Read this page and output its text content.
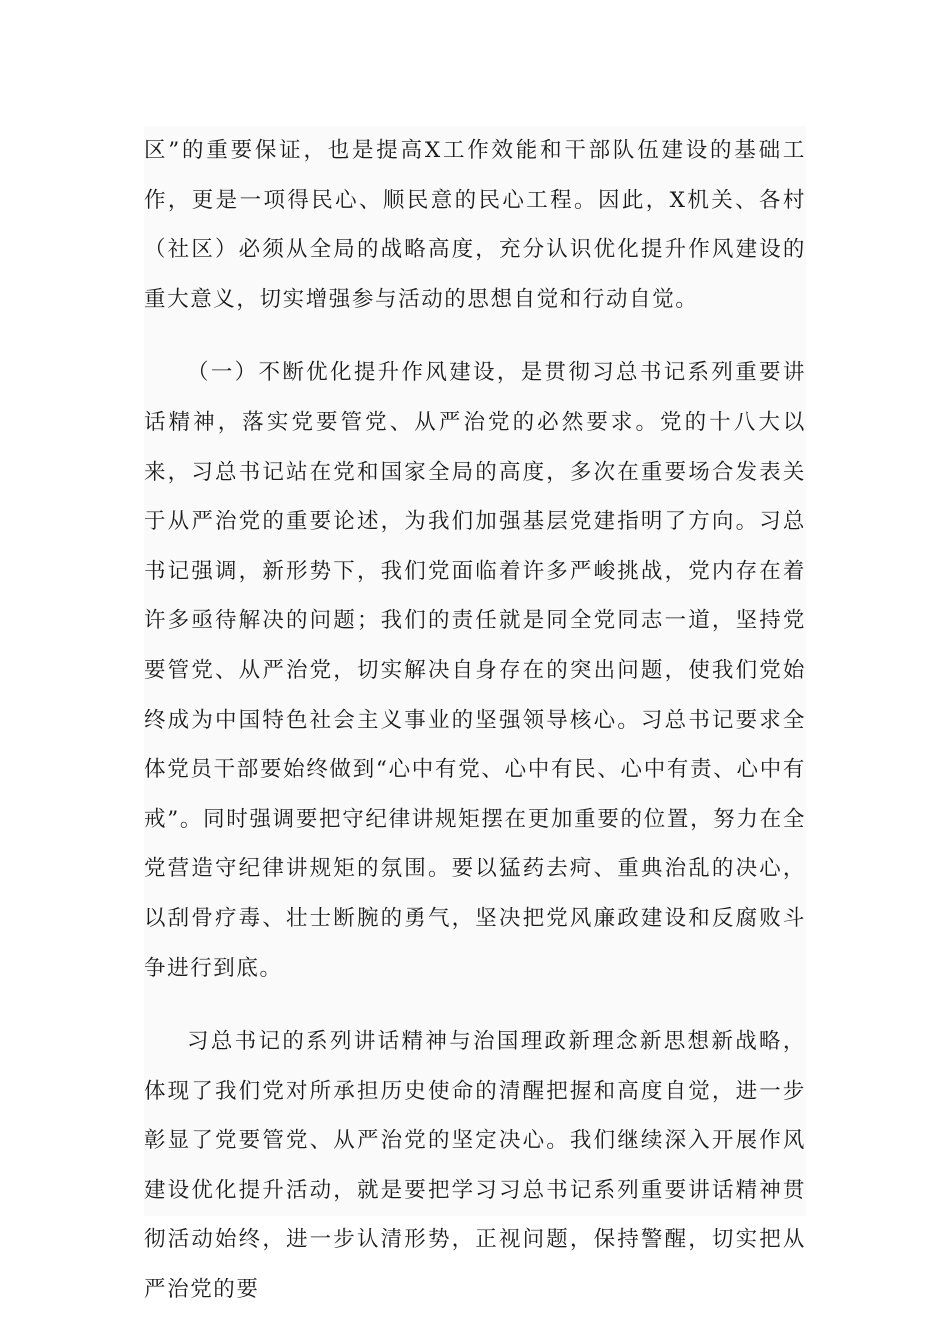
区”的重要保证，也是提高X工作效能和干部队伍建设的基础工作，更是一项得民心、顺民意的民心工程。因此，X机关、各村（社区）必须从全局的战略高度，充分认识优化提升作风建设的重大意义，切实增强参与活动的思想自觉和行动自觉。

（一）不断优化提升作风建设，是贯彻习总书记系列重要讲话精神，落实党要管党、从严治党的必然要求。党的十八大以来，习总书记站在党和国家全局的高度，多次在重要场合发表关于从严治党的重要论述，为我们加强基层党建指明了方向。习总书记强调，新形势下，我们党面临着许多严峻挑战，党内存在着许多亟待解决的问题；我们的责任就是同全党同志一道，坚持党要管党、从严治党，切实解决自身存在的突出问题，使我们党始终成为中国特色社会主义事业的坚强领导核心。习总书记要求全体党员干部要始终做到“心中有党、心中有民、心中有责、心中有戒”。同时强调要把守纪律讲规矩摆在更加重要的位置，努力在全党营造守纪律讲规矩的氛围。要以猛药去疴、重典治乱的决心，以刮骨疗毒、壮士断腕的勇气，坚决把党风廉政建设和反腐败斗争进行到底。

习总书记的系列讲话精神与治国理政新理念新思想新战略，体现了我们党对所承担历史使命的清醒把握和高度自觉，进一步彰显了党要管党、从严治党的坚定决心。我们继续深入开展作风建设优化提升活动，就是要把学习习总书记系列重要讲话精神贯彻活动始终，进一步认清形势，正视问题，保持警醒，切实把从严治党的要
